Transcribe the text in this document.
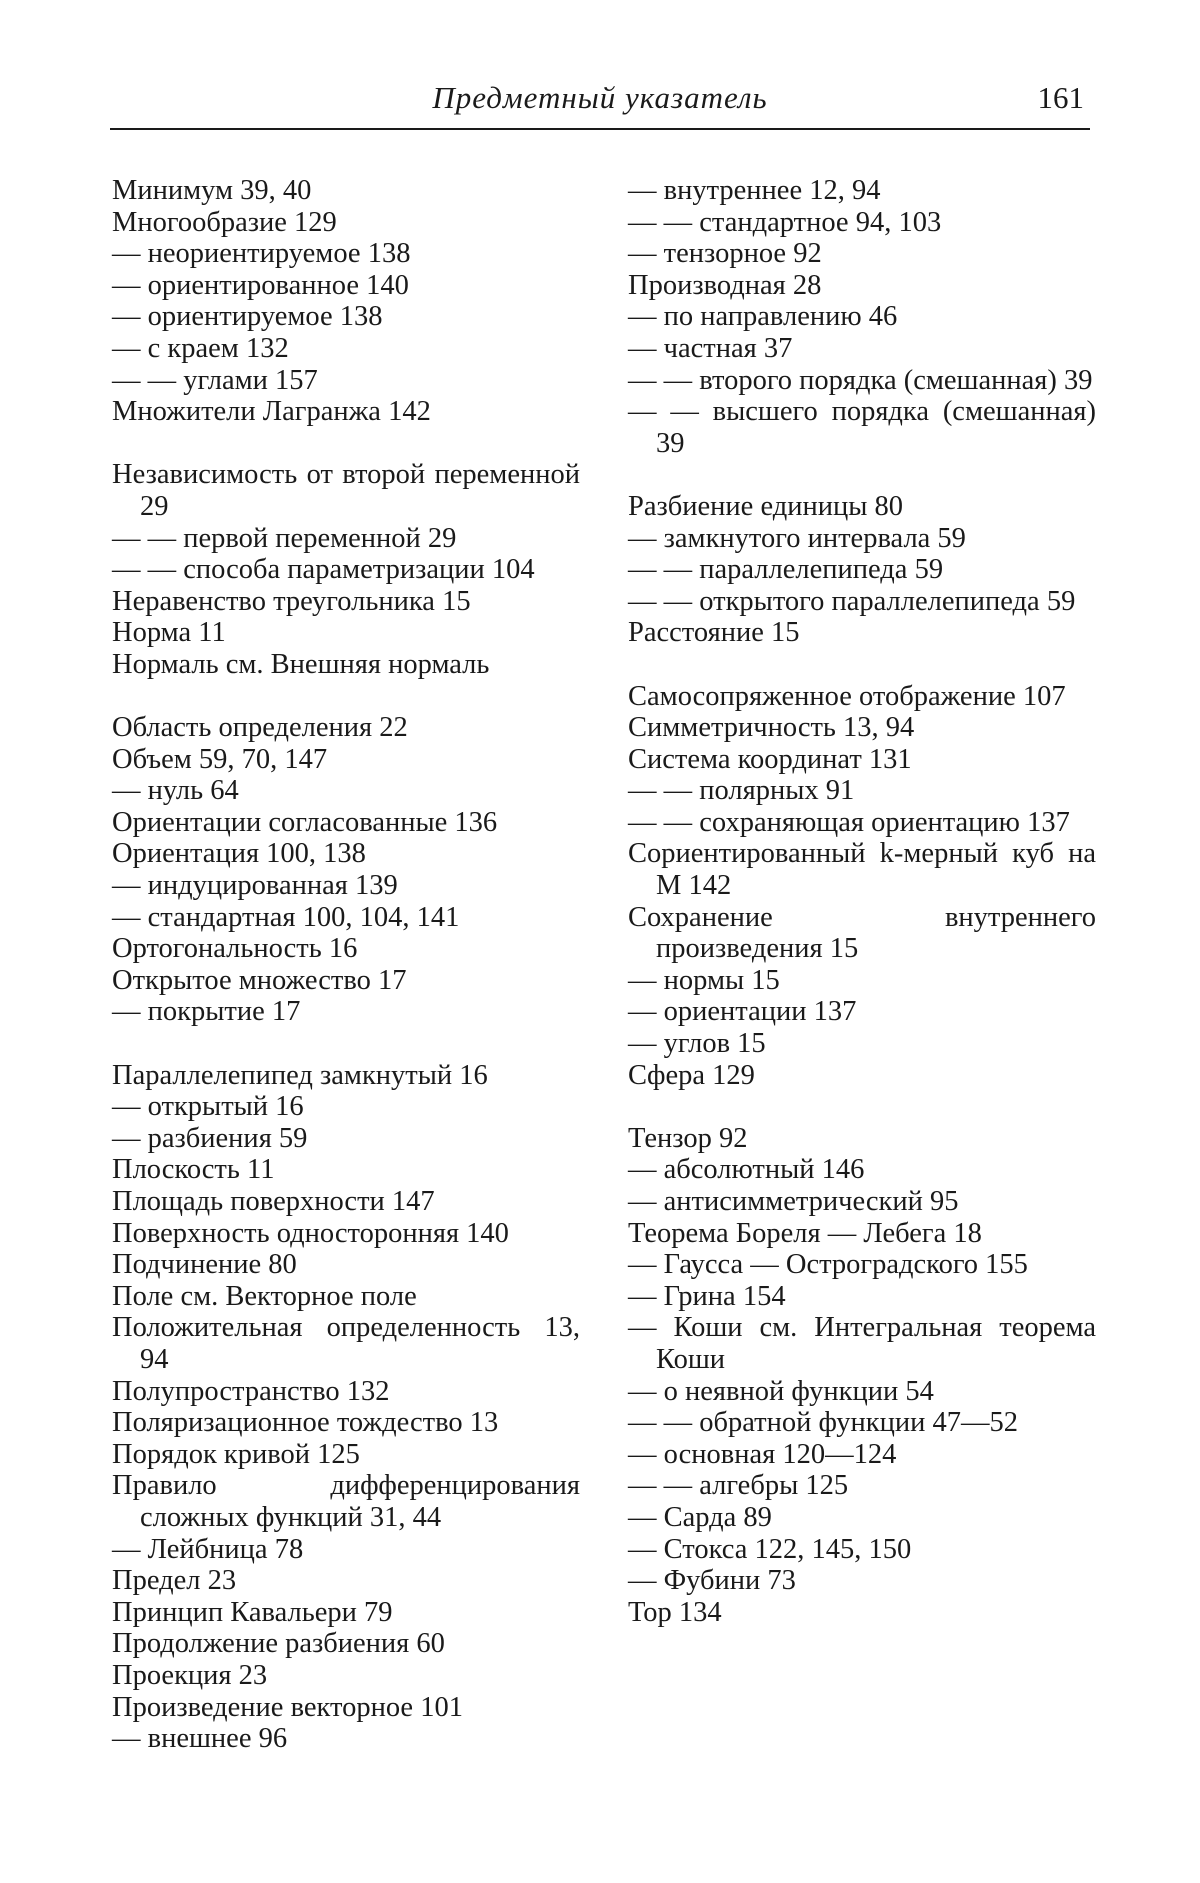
Предметный указатель	161
Минимум 39, 40
Многообразие 129
— неориентируемое 138
— ориентированное 140
— ориентируемое 138
— с краем 132
— — углами 157
Множители Лагранжа 142
Независимость от второй переменной 29
— — первой переменной 29
— — способа параметризации 104
Неравенство треугольника 15
Норма 11
Нормаль см. Внешняя нормаль
Область определения 22
Объем 59, 70, 147
— нуль 64
Ориентации согласованные 136
Ориентация 100, 138
— индуцированная 139
— стандартная 100, 104, 141
Ортогональность 16
Открытое множество 17
— покрытие 17
Параллелепипед замкнутый 16
— открытый 16
— разбиения 59
Плоскость 11
Площадь поверхности 147
Поверхность односторонняя 140
Подчинение 80
Поле см. Векторное поле
Положительная определенность 13, 94
Полупространство 132
Поляризационное тождество 13
Порядок кривой 125
Правило дифференцирования сложных функций 31, 44
— Лейбница 78
Предел 23
Принцип Кавальери 79
Продолжение разбиения 60
Проекция 23
Произведение векторное 101
— внешнее 96
— внутреннее 12, 94
— — стандартное 94, 103
— тензорное 92
Производная 28
— по направлению 46
— частная 37
— — второго порядка (смешанная) 39
— — высшего порядка (смешанная) 39
Разбиение единицы 80
— замкнутого интервала 59
— — параллелепипеда 59
— — открытого параллелепипеда 59
Расстояние 15
Самосопряженное отображение 107
Симметричность 13, 94
Система координат 131
— — полярных 91
— — сохраняющая ориентацию 137
Сориентированный k-мерный куб на M 142
Сохранение внутреннего произведения 15
— нормы 15
— ориентации 137
— углов 15
Сфера 129
Тензор 92
— абсолютный 146
— антисимметрический 95
Теорема Бореля — Лебега 18
— Гаусса — Остроградского 155
— Грина 154
— Коши см. Интегральная теорема Коши
— о неявной функции 54
— — обратной функции 47—52
— основная 120—124
— — алгебры 125
— Сарда 89
— Стокса 122, 145, 150
— Фубини 73
Тор 134
